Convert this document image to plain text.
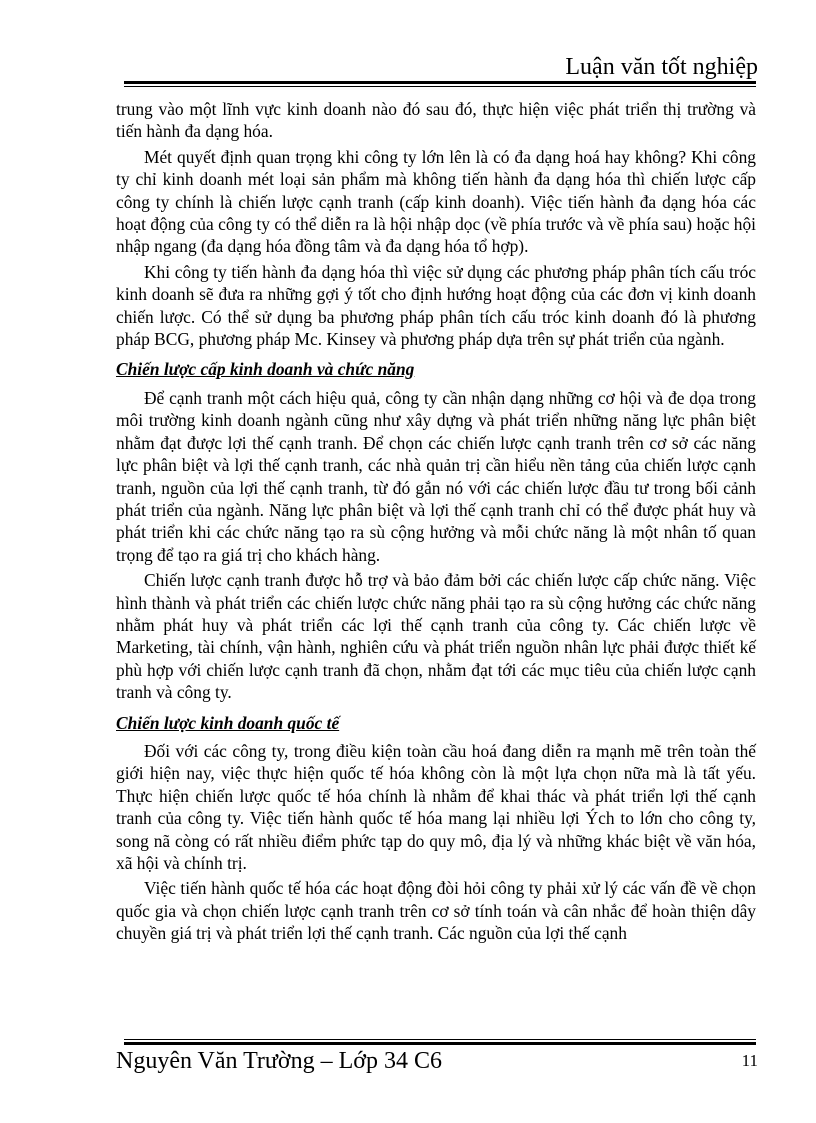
Luận văn tốt nghiệp

trung vào một lĩnh vực kinh doanh nào đó sau đó, thực hiện việc phát triển thị trường và tiến hành đa dạng hóa.

Mét quyết định quan trọng khi công ty lớn lên là có đa dạng hoá hay không? Khi công ty chỉ kinh doanh mét loại sản phẩm mà không tiến hành đa dạng hóa thì chiến lược cấp công ty chính là chiến lược cạnh tranh (cấp kinh doanh). Việc tiến hành đa dạng hóa các hoạt động của công ty có thể diễn ra là hội nhập dọc (về phía trước và về phía sau) hoặc hội nhập ngang (đa dạng hóa đồng tâm và đa dạng hóa tổ hợp).

Khi công ty tiến hành đa dạng hóa thì việc sử dụng các phương pháp phân tích cấu tróc kinh doanh sẽ đưa ra những gợi ý tốt cho định hướng hoạt động của các đơn vị kinh doanh chiến lược. Có thể sử dụng ba phương pháp phân tích cấu tróc kinh doanh đó là phương pháp BCG, phương pháp Mc. Kinsey và phương pháp dựa trên sự phát triển của ngành.

Chiến lược cấp kinh doanh và chức năng

Để cạnh tranh một cách hiệu quả, công ty cần nhận dạng những cơ hội và đe dọa trong môi trường kinh doanh ngành cũng như xây dựng và phát triển những năng lực phân biệt nhằm đạt được lợi thế cạnh tranh. Để chọn các chiến lược cạnh tranh trên cơ sở các năng lực phân biệt và lợi thế cạnh tranh, các nhà quản trị cần hiểu nền tảng của chiến lược cạnh tranh, nguồn của lợi thế cạnh tranh, từ đó gắn nó với các chiến lược đầu tư trong bối cảnh phát triển của ngành. Năng lực phân biệt và lợi thế cạnh tranh chỉ có thể được phát huy và phát triển khi các chức năng tạo ra sù cộng hưởng và mỗi chức năng là một nhân tố quan trọng để tạo ra giá trị cho khách hàng.

Chiến lược cạnh tranh được hỗ trợ và bảo đảm bởi các chiến lược cấp chức năng. Việc hình thành và phát triển các chiến lược chức năng phải tạo ra sù cộng hưởng các chức năng nhằm phát huy và phát triển các lợi thế cạnh tranh của công ty. Các chiến lược về Marketing, tài chính, vận hành, nghiên cứu và phát triển nguồn nhân lực phải được thiết kế phù hợp với chiến lược cạnh tranh đã chọn, nhằm đạt tới các mục tiêu của chiến lược cạnh tranh và công ty.

Chiến lược kinh doanh quốc tế

Đối với các công ty, trong điều kiện toàn cầu hoá đang diễn ra mạnh mẽ trên toàn thế giới hiện nay, việc thực hiện quốc tế hóa không còn là một lựa chọn nữa mà là tất yếu. Thực hiện chiến lược quốc tế hóa chính là nhằm để khai thác và phát triển lợi thế cạnh tranh của công ty. Việc tiến hành quốc tế hóa mang lại nhiều lợi Ých to lớn cho công ty, song nã còng có rất nhiều điểm phức tạp do quy mô, địa lý và những khác biệt về văn hóa, xã hội và chính trị.

Việc tiến hành quốc tế hóa các hoạt động đòi hỏi công ty phải xử lý các vấn đề về chọn quốc gia và chọn chiến lược cạnh tranh trên cơ sở tính toán và cân nhắc để hoàn thiện dây chuyền giá trị và phát triển lợi thế cạnh tranh. Các nguồn của lợi thế cạnh

Nguyên Văn Trường – Lớp 34 C6	11
